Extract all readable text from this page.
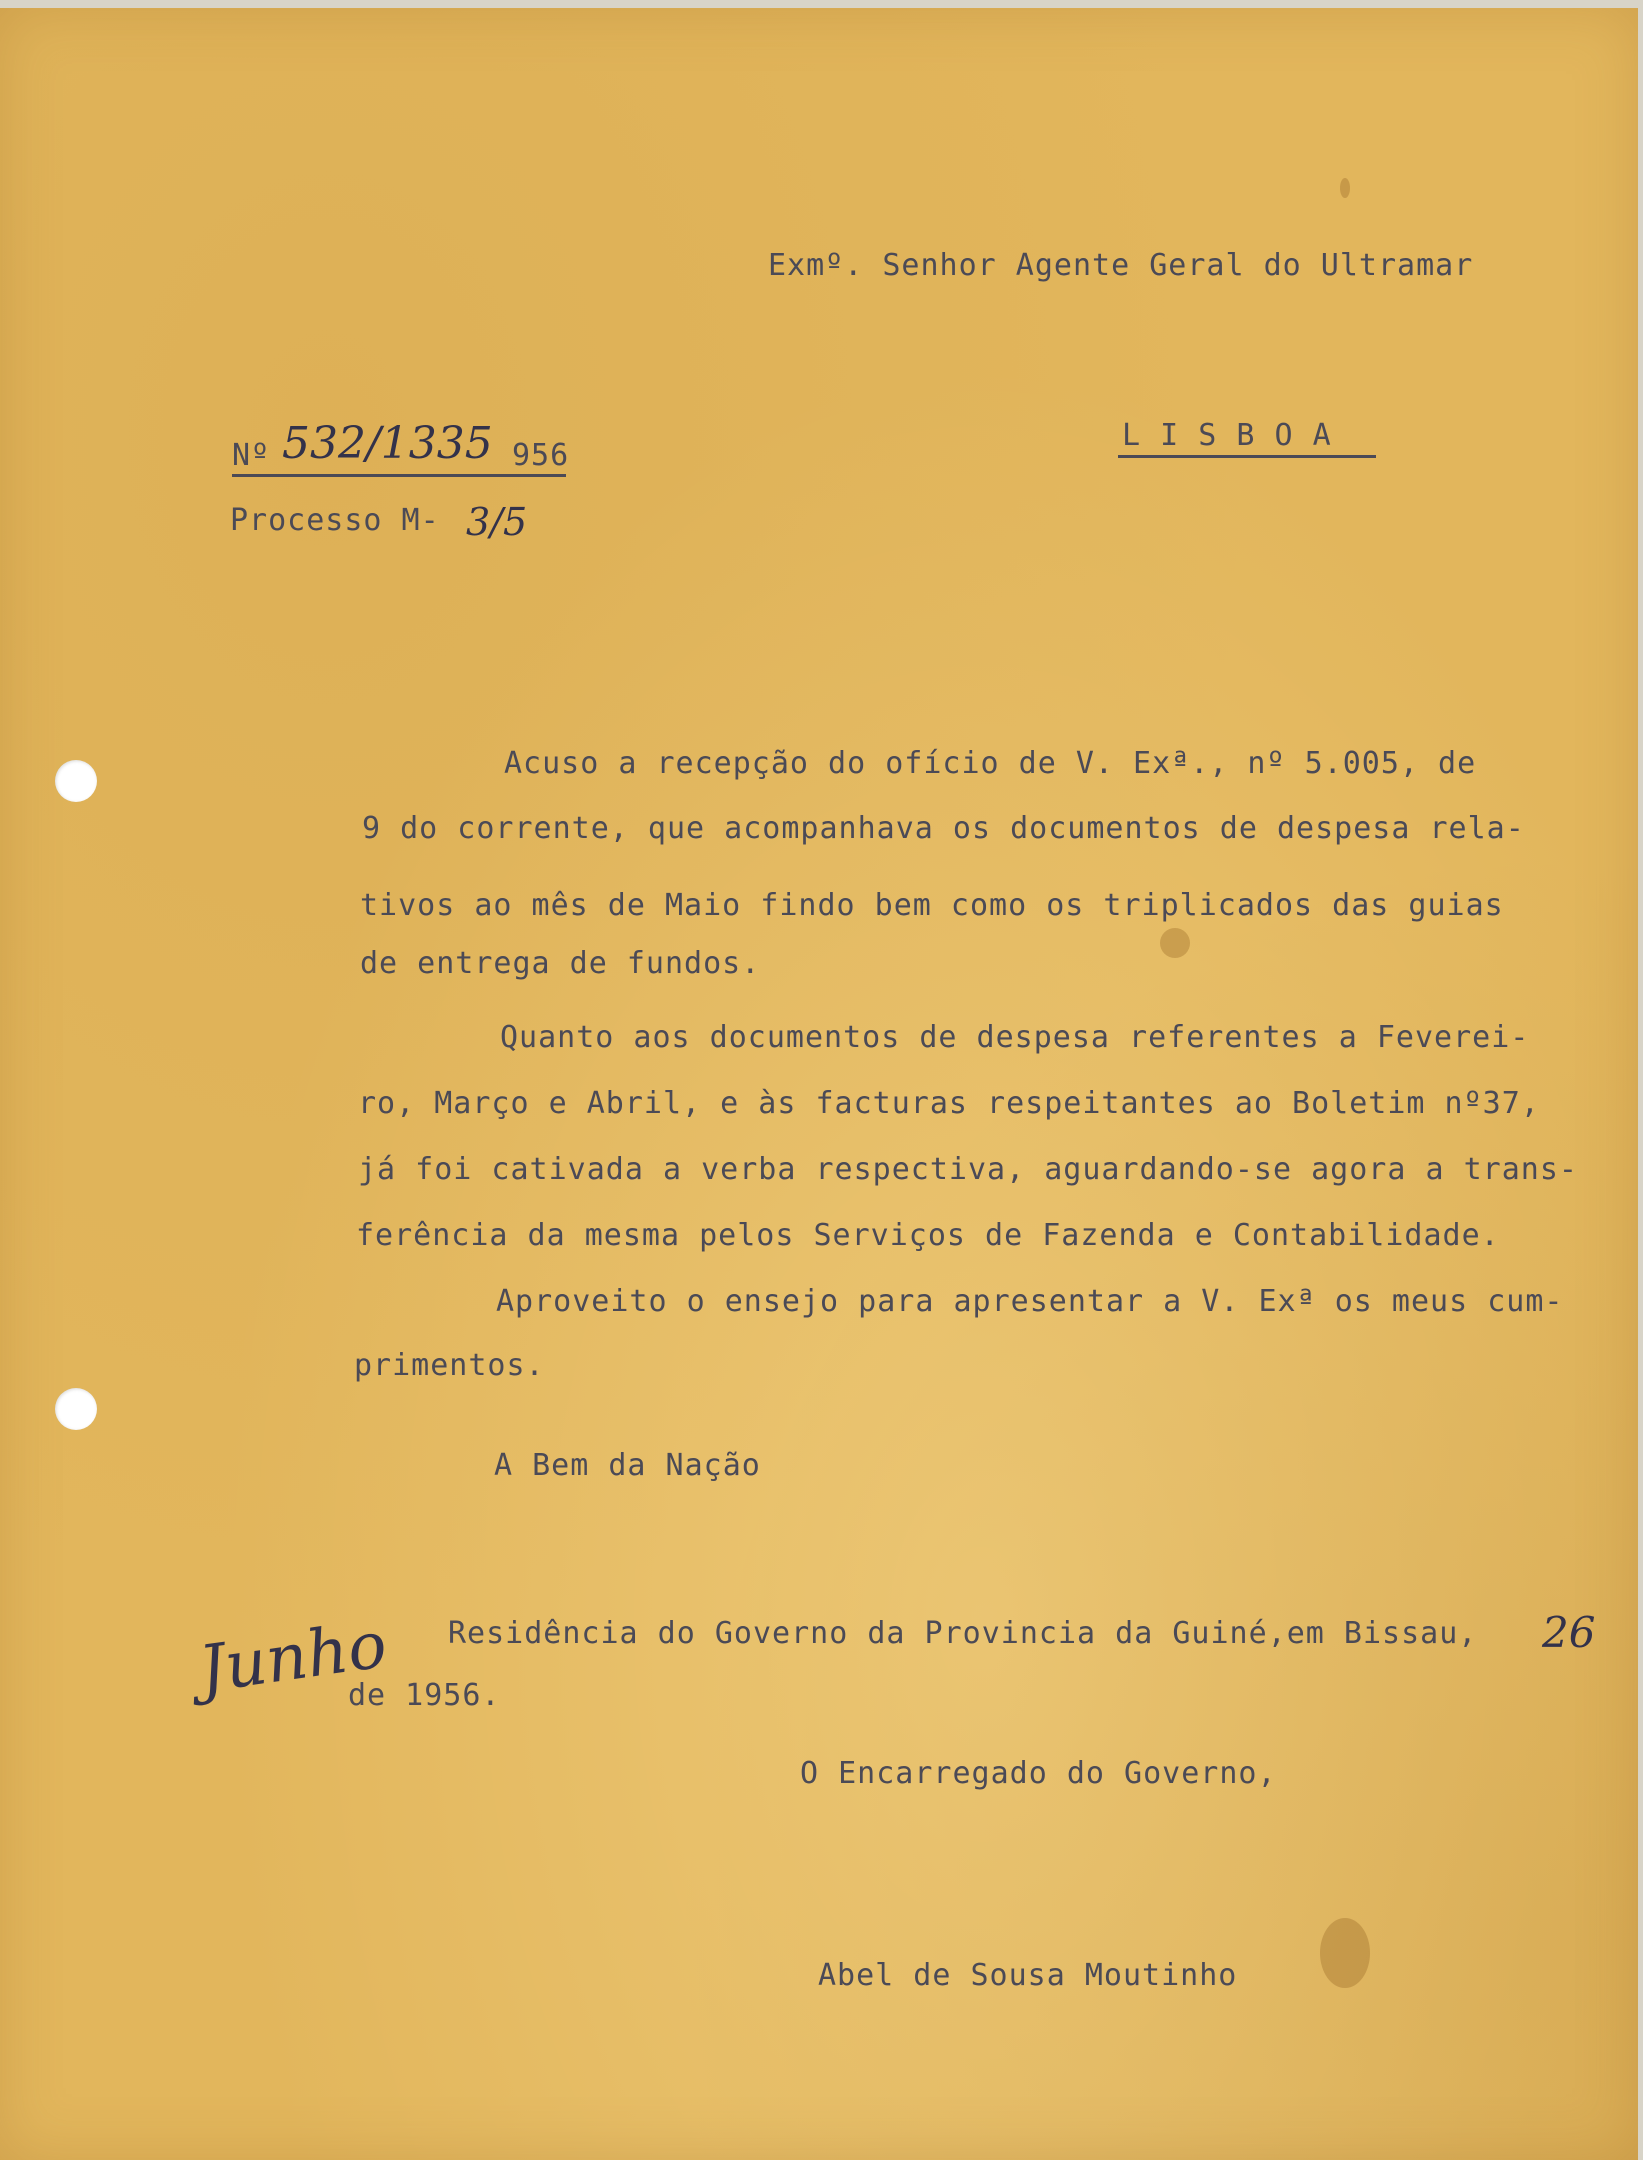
Exmº. Senhor Agente Geral do Ultramar

Nº 532/1335 956

L I S B O A

Processo M- 3/5

Acuso a recepção do ofício de V. Exª., nº 5.005, de

9 do corrente, que acompanhava os documentos de despesa rela-

tivos ao mês de Maio findo bem como os triplicados das guias

de entrega de fundos.

Quanto aos documentos de despesa referentes a Feverei-

ro, Março e Abril, e às facturas respeitantes ao Boletim nº37,

já foi cativada a verba respectiva, aguardando-se agora a trans-

ferência da mesma pelos Serviços de Fazenda e Contabilidade.

Aproveito o ensejo para apresentar a V. Exª os meus cum-

primentos.

A Bem da Nação

Residência do Governo da Provincia da Guiné,em Bissau, 26
Junho

de 1956.

O Encarregado do Governo,

Abel de Sousa Moutinho
